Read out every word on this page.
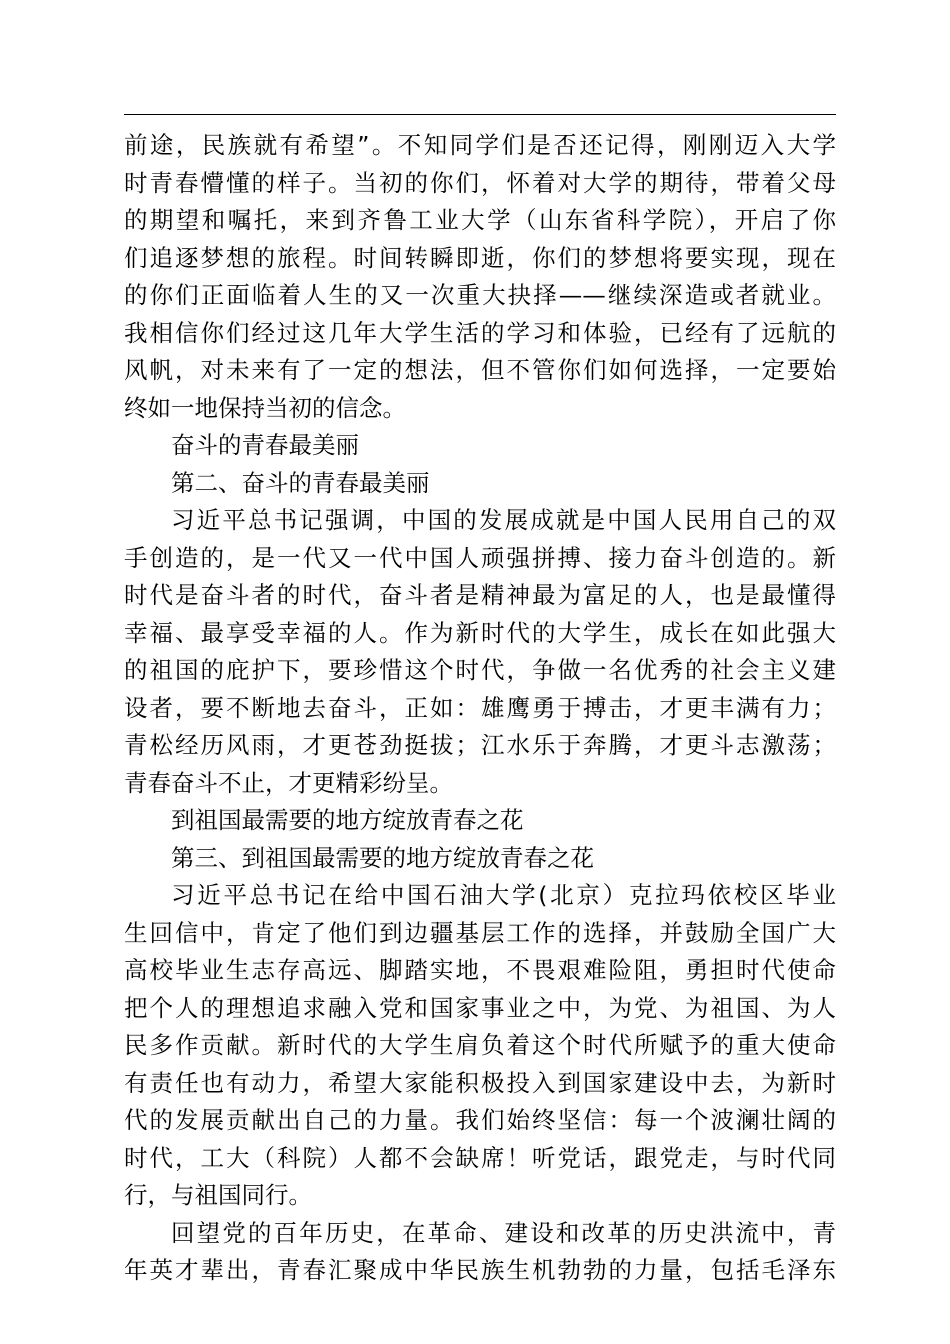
前途，民族就有希望”。不知同学们是否还记得，刚刚迈入大学
时青春懵懂的样子。当初的你们，怀着对大学的期待，带着父母
的期望和嘱托，来到齐鲁工业大学（山东省科学院），开启了你
们追逐梦想的旅程。时间转瞬即逝，你们的梦想将要实现，现在
的你们正面临着人生的又一次重大抉择——继续深造或者就业。
我相信你们经过这几年大学生活的学习和体验，已经有了远航的
风帆，对未来有了一定的想法，但不管你们如何选择，一定要始
终如一地保持当初的信念。
奋斗的青春最美丽
第二、奋斗的青春最美丽
习近平总书记强调，中国的发展成就是中国人民用自己的双
手创造的，是一代又一代中国人顽强拼搏、接力奋斗创造的。新
时代是奋斗者的时代，奋斗者是精神最为富足的人，也是最懂得
幸福、最享受幸福的人。作为新时代的大学生，成长在如此强大
的祖国的庇护下，要珍惜这个时代，争做一名优秀的社会主义建
设者，要不断地去奋斗，正如：雄鹰勇于搏击，才更丰满有力；
青松经历风雨，才更苍劲挺拔；江水乐于奔腾，才更斗志激荡；
青春奋斗不止，才更精彩纷呈。
到祖国最需要的地方绽放青春之花
第三、到祖国最需要的地方绽放青春之花
习近平总书记在给中国石油大学(北京）克拉玛依校区毕业
生回信中，肯定了他们到边疆基层工作的选择，并鼓励全国广大
高校毕业生志存高远、脚踏实地，不畏艰难险阻，勇担时代使命
把个人的理想追求融入党和国家事业之中，为党、为祖国、为人
民多作贡献。新时代的大学生肩负着这个时代所赋予的重大使命
有责任也有动力，希望大家能积极投入到国家建设中去，为新时
代的发展贡献出自己的力量。我们始终坚信：每一个波澜壮阔的
时代，工大（科院）人都不会缺席！听党话，跟党走，与时代同
行，与祖国同行。
回望党的百年历史，在革命、建设和改革的历史洪流中，青
年英才辈出，青春汇聚成中华民族生机勃勃的力量，包括毛泽东
